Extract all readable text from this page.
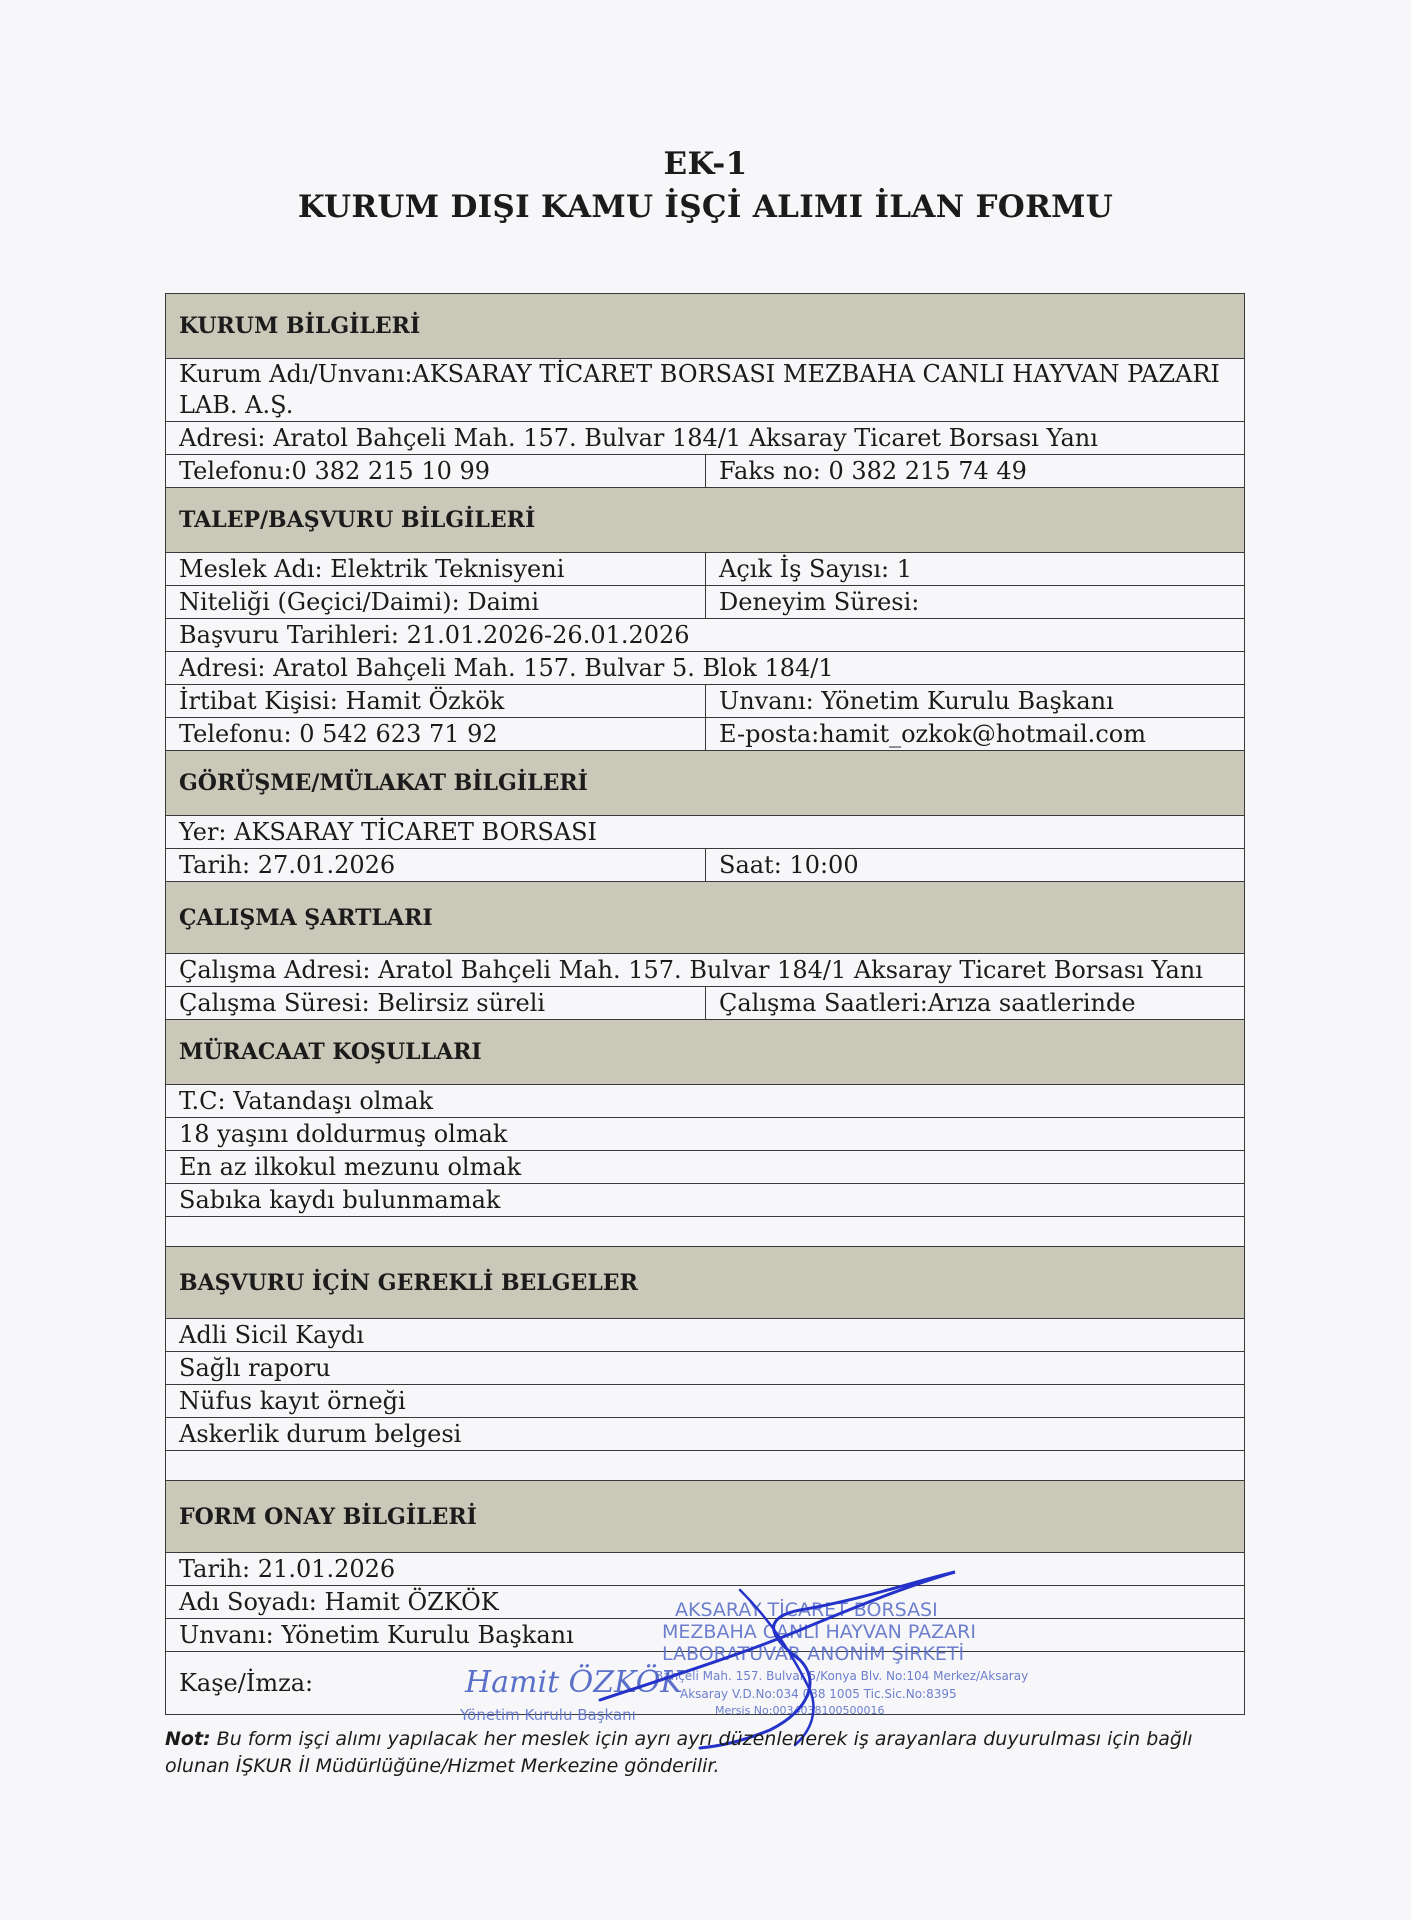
EK-1
KURUM DIŞI KAMU İŞÇİ ALIMI İLAN FORMU
KURUM BİLGİLERİ
Kurum Adı/Unvanı:AKSARAY TİCARET BORSASI MEZBAHA CANLI HAYVAN PAZARI LAB. A.Ş.
Adresi: Aratol Bahçeli Mah. 157. Bulvar 184/1 Aksaray Ticaret Borsası Yanı
Telefonu:0 382 215 10 99	Faks no: 0 382 215 74 49
TALEP/BAŞVURU BİLGİLERİ
Meslek Adı: Elektrik Teknisyeni	Açık İş Sayısı: 1
Niteliği (Geçici/Daimi): Daimi	Deneyim Süresi:
Başvuru Tarihleri: 21.01.2026-26.01.2026
Adresi: Aratol Bahçeli Mah. 157. Bulvar 5. Blok 184/1
İrtibat Kişisi: Hamit Özkök	Unvanı: Yönetim Kurulu Başkanı
Telefonu: 0 542 623 71 92	E-posta:hamit_ozkok@hotmail.com
GÖRÜŞME/MÜLAKAT BİLGİLERİ
Yer: AKSARAY TİCARET BORSASI
Tarih: 27.01.2026	Saat: 10:00
ÇALIŞMA ŞARTLARI
Çalışma Adresi: Aratol Bahçeli Mah. 157. Bulvar 184/1 Aksaray Ticaret Borsası Yanı
Çalışma Süresi: Belirsiz süreli	Çalışma Saatleri:Arıza saatlerinde
MÜRACAAT KOŞULLARI
T.C: Vatandaşı olmak
18 yaşını doldurmuş olmak
En az ilkokul mezunu olmak
Sabıka kaydı bulunmamak
BAŞVURU İÇİN GEREKLİ BELGELER
Adli Sicil Kaydı
Sağlı raporu
Nüfus kayıt örneği
Askerlik durum belgesi
FORM ONAY BİLGİLERİ
Tarih: 21.01.2026
Adı Soyadı: Hamit ÖZKÖK
Unvanı: Yönetim Kurulu Başkanı
Kaşe/İmza:
AKSARAY TİCARET BORSASI
MEZBAHA CANLI HAYVAN PAZARI
LABORATUVAR ANONİM ŞİRKETİ
Bahçeli Mah. 157. Bulvar 5/Konya Blv. No:104 Merkez/Aksaray
Aksaray V.D.No:034 038 1005 Tic.Sic.No:8395
Mersis No:0034038100500016
Hamit ÖZKÖK
Yönetim Kurulu Başkanı
Not: Bu form işçi alımı yapılacak her meslek için ayrı ayrı düzenlenerek iş arayanlara duyurulması için bağlı olunan İŞKUR İl Müdürlüğüne/Hizmet Merkezine gönderilir.
